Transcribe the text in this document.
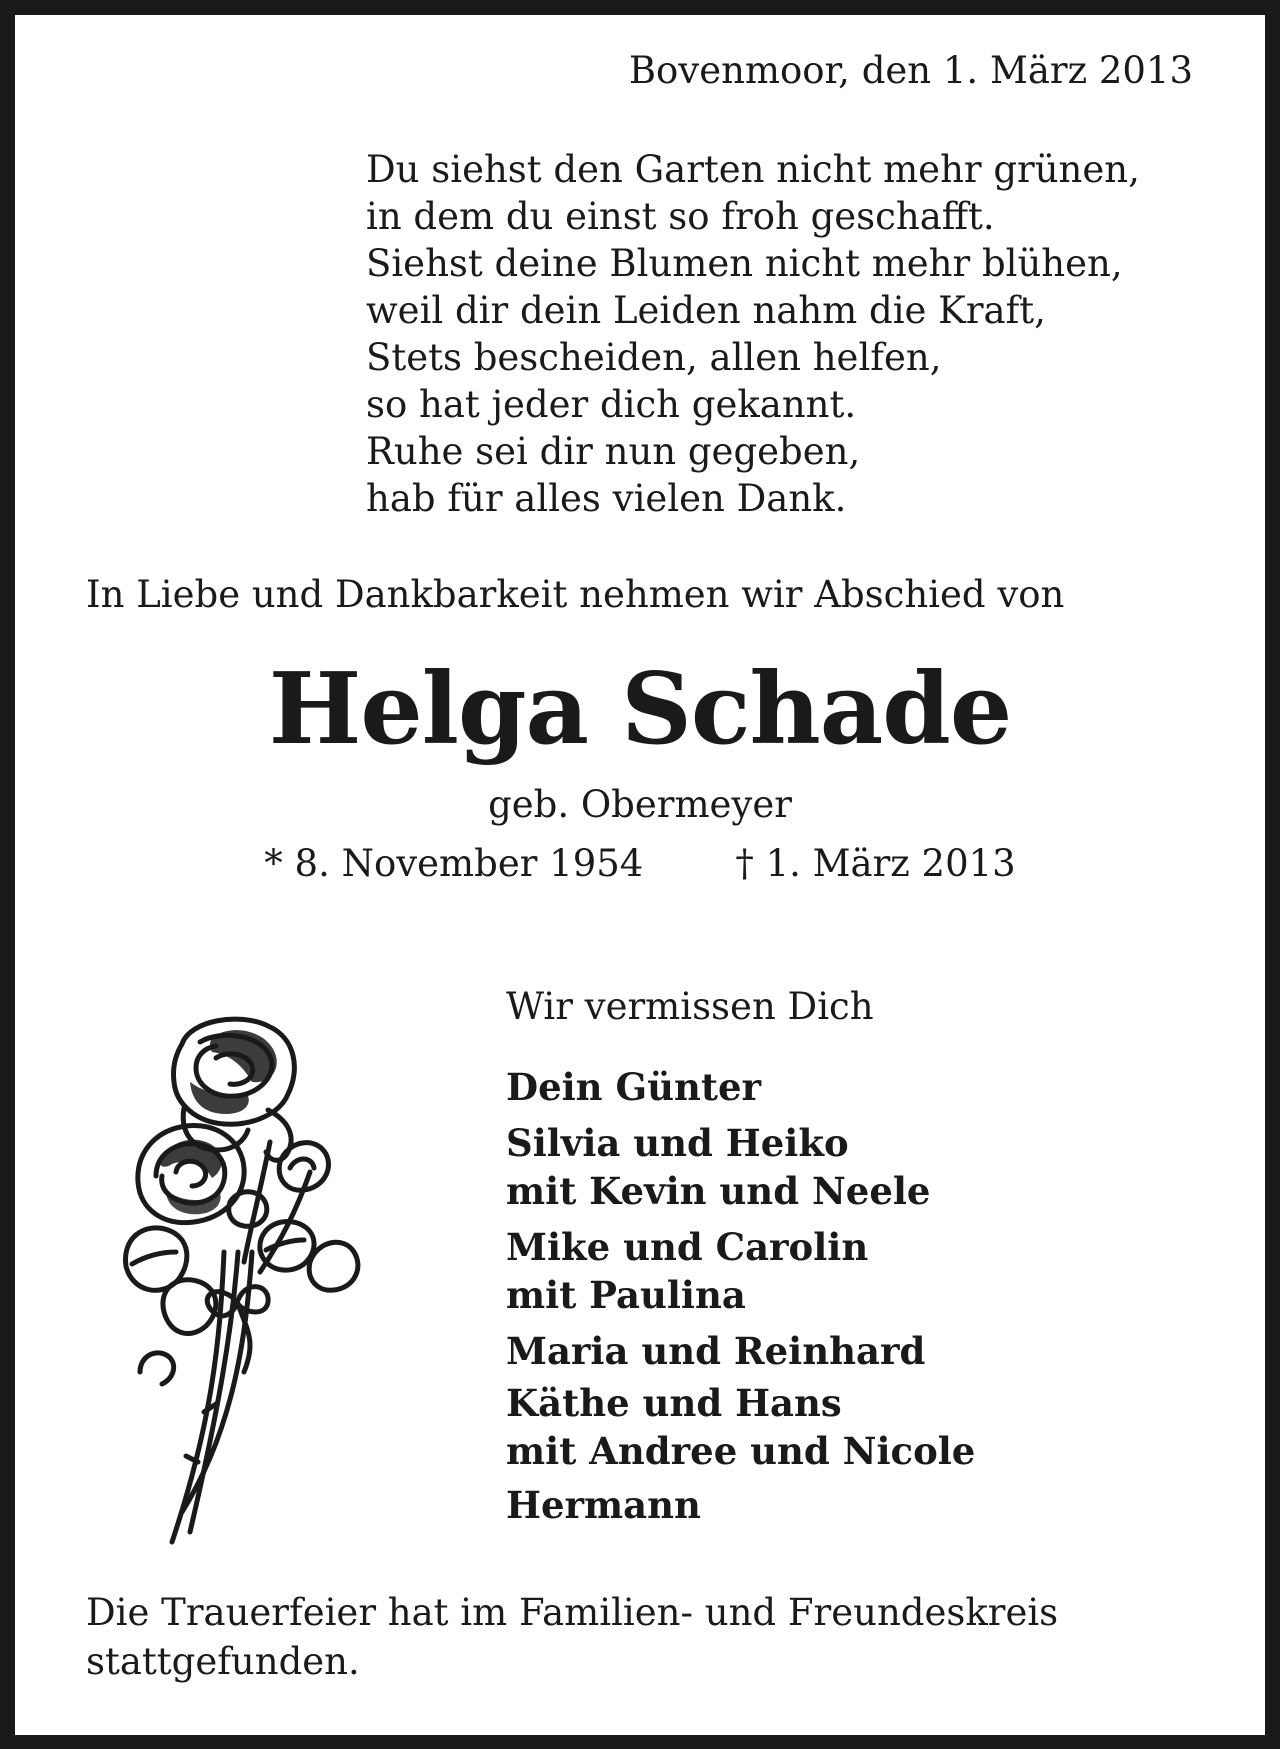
Bovenmoor, den 1. März 2013
Du siehst den Garten nicht mehr grünen,
in dem du einst so froh geschafft.
Siehst deine Blumen nicht mehr blühen,
weil dir dein Leiden nahm die Kraft,
Stets bescheiden, allen helfen,
so hat jeder dich gekannt.
Ruhe sei dir nun gegeben,
hab für alles vielen Dank.
In Liebe und Dankbarkeit nehmen wir Abschied von
Helga Schade
geb. Obermeyer
* 8. November 1954 † 1. März 2013
Wir vermissen Dich
Dein Günter
Silvia und Heiko
mit Kevin und Neele
Mike und Carolin
mit Paulina
Maria und Reinhard
Käthe und Hans
mit Andree und Nicole
Hermann
Die Trauerfeier hat im Familien- und Freundeskreis
stattgefunden.
